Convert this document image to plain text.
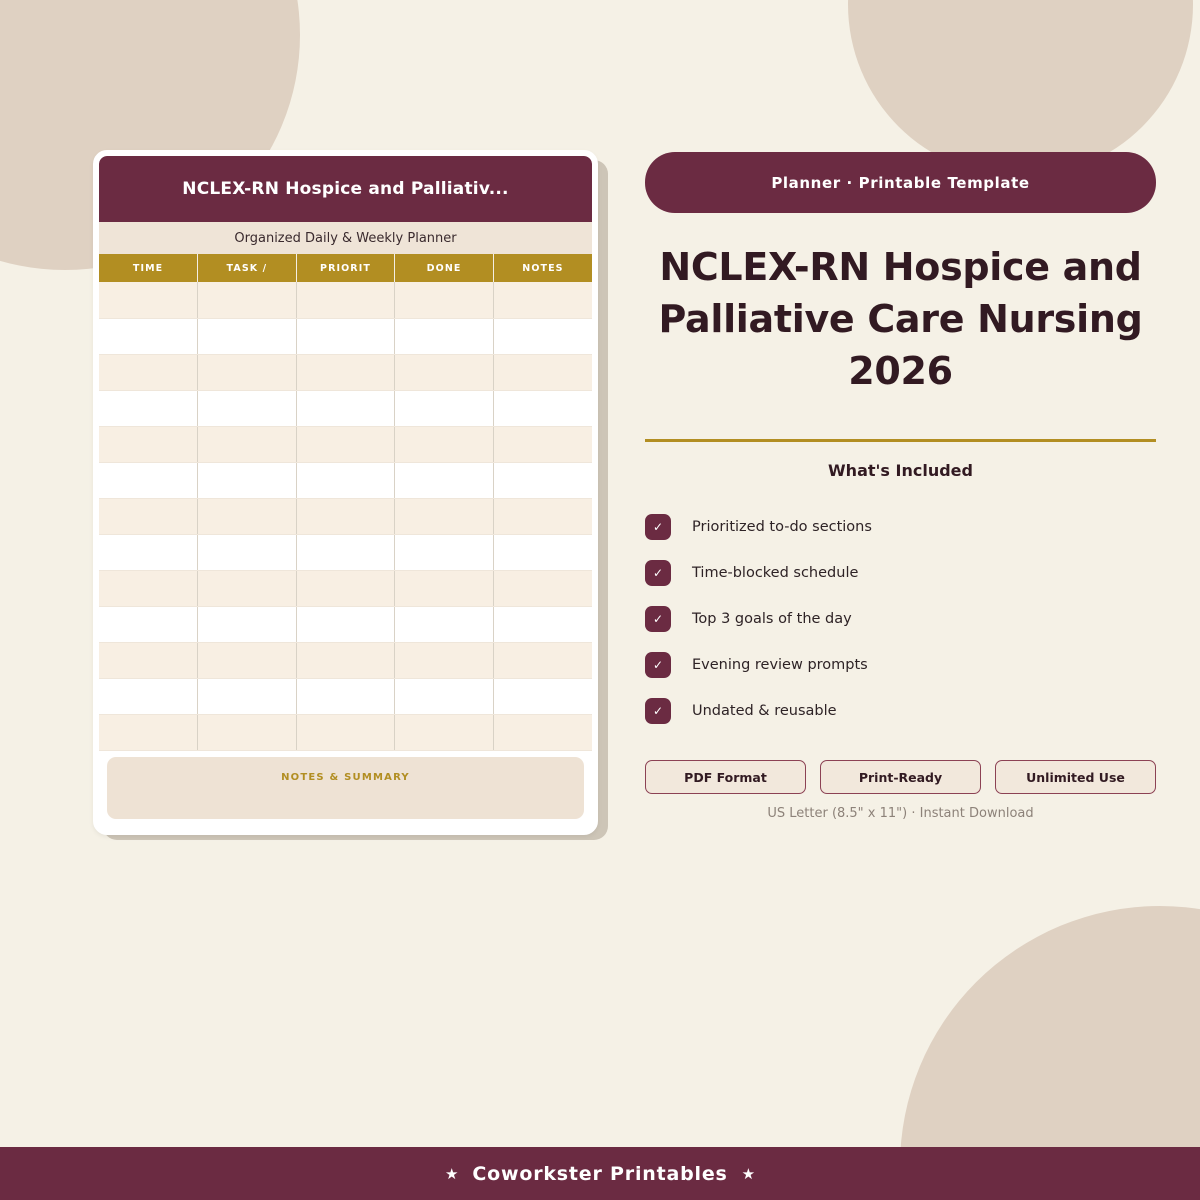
NCLEX-RN Hospice and Palliativ...
Organized Daily & Weekly Planner
TIME	TASK /	PRIORIT	DONE	NOTES

NOTES & SUMMARY
Planner · Printable Template
NCLEX-RN Hospice and Palliative Care Nursing 2026
What's Included
✓	Prioritized to-do sections
✓	Time-blocked schedule
✓	Top 3 goals of the day
✓	Evening review prompts
✓	Undated & reusable
PDF Format	Print-Ready	Unlimited Use
US Letter (8.5" x 11") · Instant Download
★ Coworkster Printables ★
